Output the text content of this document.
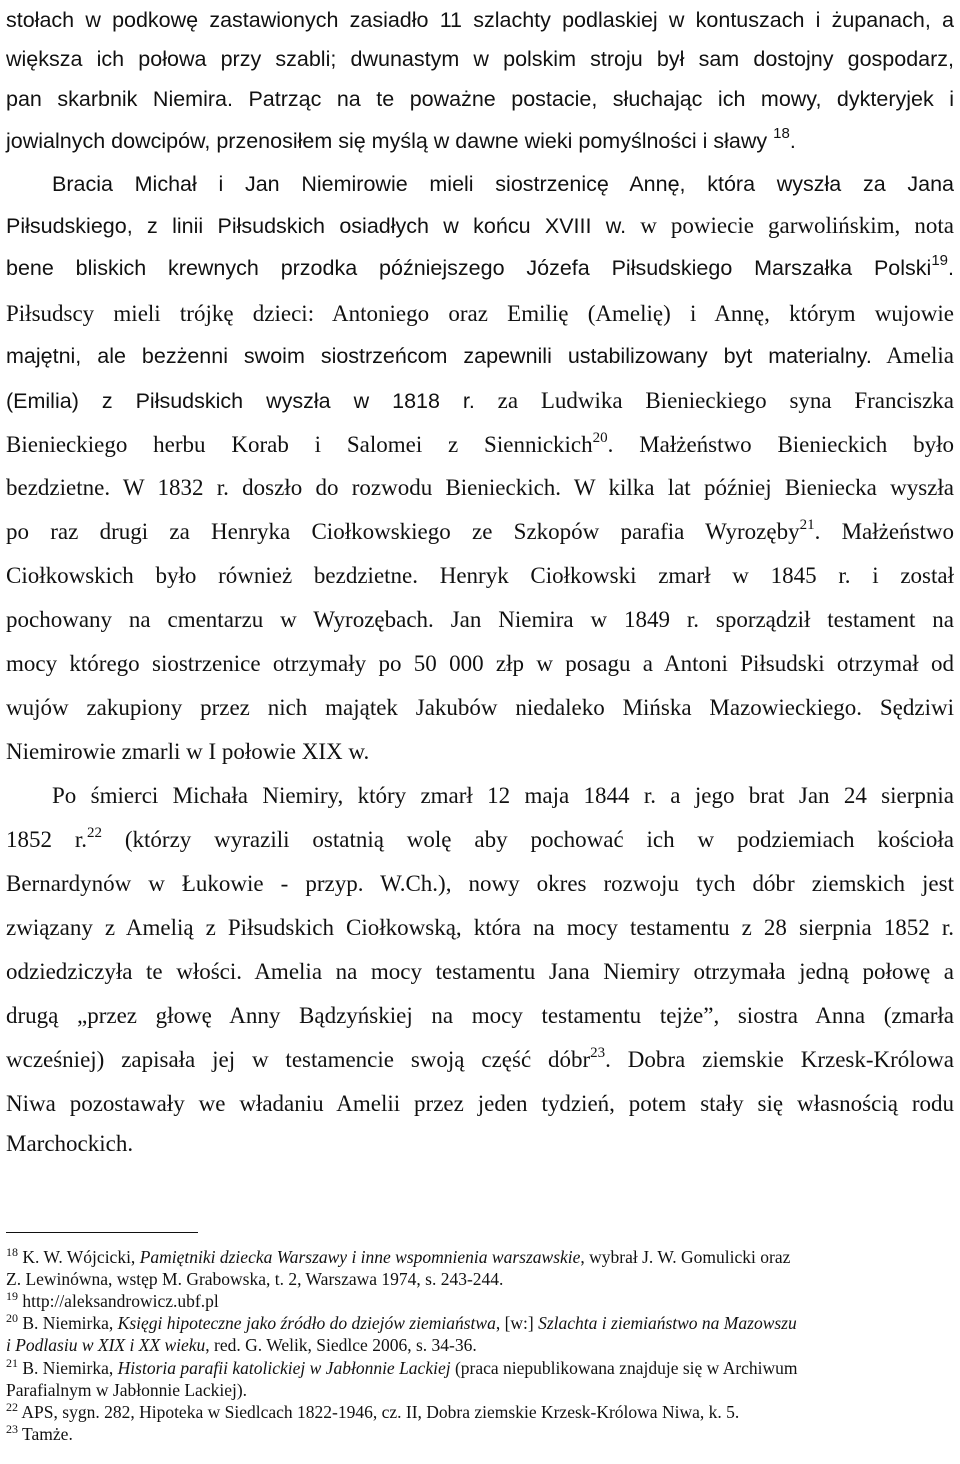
stołach w podkowę zastawionych zasiadło 11 szlachty podlaskiej w kontuszach i żupanach, a
większa ich połowa przy szabli; dwunastym w polskim stroju był sam dostojny gospodarz,
pan skarbnik Niemira. Patrząc na te poważne postacie, słuchając ich mowy, dykteryjek i
jowialnych dowcipów, przenosiłem się myślą w dawne wieki pomyślności i sławy $^{18}$.
Bracia Michał i Jan Niemirowie mieli siostrzenicę Annę, która wyszła za Jana
Piłsudskiego, z linii Piłsudskich osiadłych w końcu XVIII w. w powiecie garwolińskim, nota
bene bliskich krewnych przodka późniejszego Józefa Piłsudskiego Marszałka Polski$^{19}$.
Piłsudscy mieli trójkę dzieci: Antoniego oraz Emilię (Amelię) i Annę, którym wujowie
majętni, ale bezżenni swoim siostrzeńcom zapewnili ustabilizowany byt materialny. Amelia
(Emilia) z Piłsudskich wyszła w 1818 r. za Ludwika Bienieckiego syna Franciszka
Bienieckiego herbu Korab i Salomei z Siennickich$^{20}$. Małżeństwo Bienieckich było
bezdzietne. W 1832 r. doszło do rozwodu Bienieckich. W kilka lat później Bieniecka wyszła
po raz drugi za Henryka Ciołkowskiego ze Szkopów parafia Wyrozęby$^{21}$. Małżeństwo
Ciołkowskich było również bezdzietne. Henryk Ciołkowski zmarł w 1845 r. i został
pochowany na cmentarzu w Wyrozębach. Jan Niemira w 1849 r. sporządził testament na
mocy którego siostrzenice otrzymały po 50 000 złp w posagu a Antoni Piłsudski otrzymał od
wujów zakupiony przez nich majątek Jakubów niedaleko Mińska Mazowieckiego. Sędziwi
Niemirowie zmarli w I połowie XIX w.
Po śmierci Michała Niemiry, który zmarł 12 maja 1844 r. a jego brat Jan 24 sierpnia
1852 r.$^{22}$ (którzy wyrazili ostatnią wolę aby pochować ich w podziemiach kościoła
Bernardynów w Łukowie - przyp. W.Ch.), nowy okres rozwoju tych dóbr ziemskich jest
związany z Amelią z Piłsudskich Ciołkowską, która na mocy testamentu z 28 sierpnia 1852 r.
odziedziczyła te włości. Amelia na mocy testamentu Jana Niemiry otrzymała jedną połowę a
drugą „przez głowę Anny Bądzyńskiej na mocy testamentu tejże”, siostra Anna (zmarła
wcześniej) zapisała jej w testamencie swoją część dóbr$^{23}$. Dobra ziemskie Krzesk-Królowa
Niwa pozostawały we władaniu Amelii przez jeden tydzień, potem stały się własnością rodu
Marchockich.
$^{18}$ K. W. Wójcicki, Pamiętniki dziecka Warszawy i inne wspomnienia warszawskie, wybrał J. W. Gomulicki oraz
Z. Lewinówna, wstęp M. Grabowska, t. 2, Warszawa 1974, s. 243-244.
$^{19}$ http://aleksandrowicz.ubf.pl
$^{20}$ B. Niemirka, Księgi hipoteczne jako źródło do dziejów ziemiaństwa, [w:] Szlachta i ziemiaństwo na Mazowszu
i Podlasiu w XIX i XX wieku, red. G. Welik, Siedlce 2006, s. 34-36.
$^{21}$ B. Niemirka, Historia parafii katolickiej w Jabłonnie Lackiej (praca niepublikowana znajduje się w Archiwum
Parafialnym w Jabłonnie Lackiej).
$^{22}$ APS, sygn. 282, Hipoteka w Siedlcach 1822-1946, cz. II, Dobra ziemskie Krzesk-Królowa Niwa, k. 5.
$^{23}$ Tamże.
